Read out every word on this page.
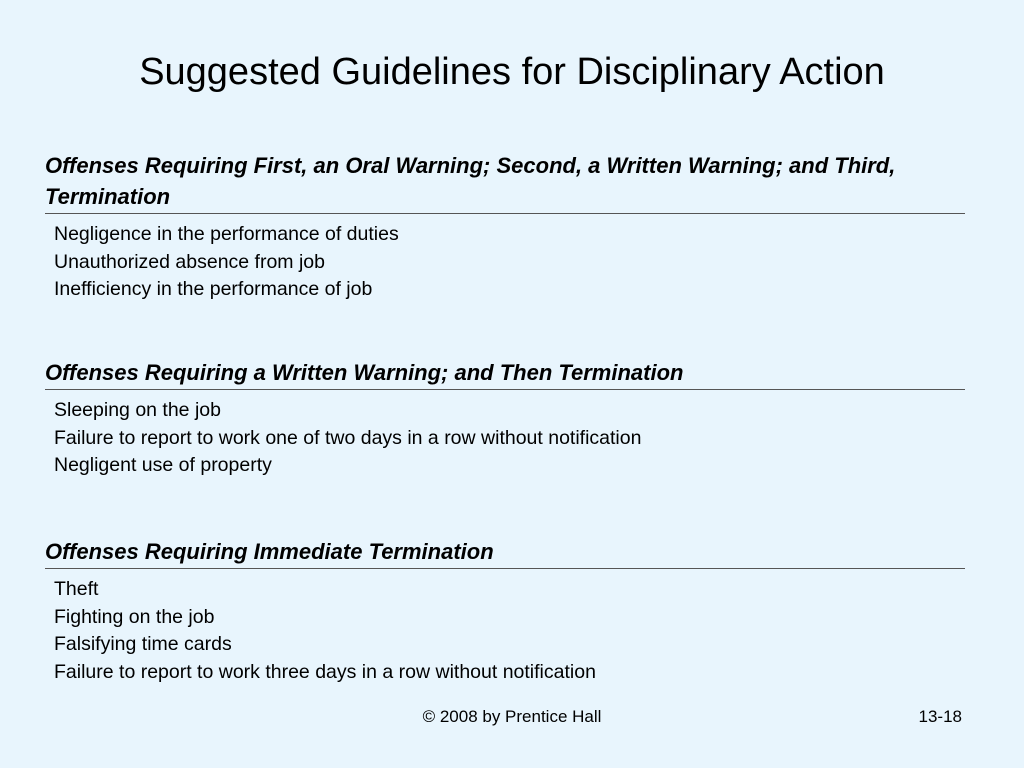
Suggested Guidelines for Disciplinary Action
Offenses Requiring First, an Oral Warning; Second, a Written Warning; and Third, Termination
Negligence in the performance of duties
Unauthorized absence from job
Inefficiency in the performance of job
Offenses Requiring a Written Warning; and Then Termination
Sleeping on the job
Failure to report to work one of two days in a row without notification
Negligent use of property
Offenses Requiring Immediate Termination
Theft
Fighting on the job
Falsifying time cards
Failure to report to work three days in a row without notification
© 2008 by Prentice Hall	13-18
